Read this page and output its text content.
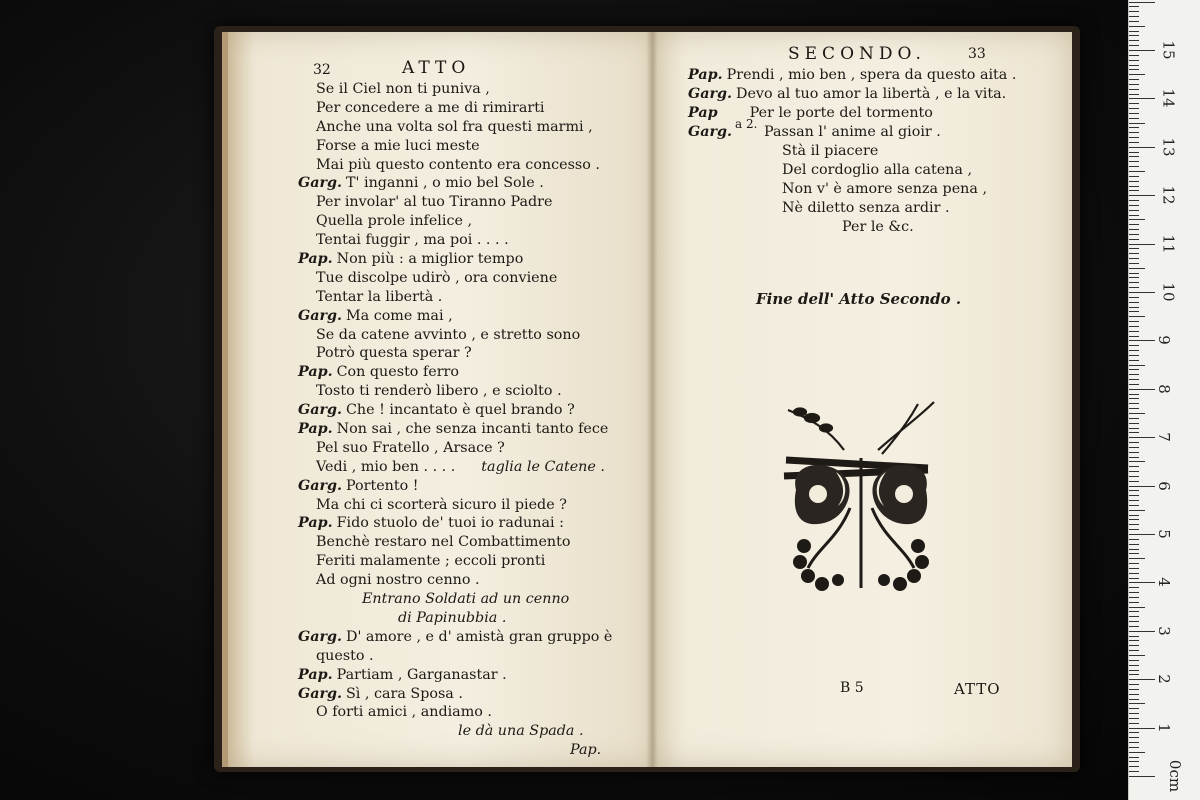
32	ATTO
Se il Ciel non ti puniva ,
Per concedere a me di rimirarti
Anche una volta sol fra questi marmi ,
Forse a mie luci meste
Mai più questo contento era concesso .
Garg. T' inganni , o mio bel Sole .
Per involar' al tuo Tiranno Padre
Quella prole infelice ,
Tentai fuggir , ma poi . . . .
Pap. Non più : a miglior tempo
Tue discolpe udirò , ora conviene
Tentar la libertà .
Garg. Ma come mai ,
Se da catene avvinto , e stretto sono
Potrò questa sperar ?
Pap. Con questo ferro
Tosto ti renderò libero , e sciolto .
Garg. Che ! incantato è quel brando ?
Pap. Non sai , che senza incanti tanto fece
Pel suo Fratello , Arsace ?
Vedi , mio ben . . . . taglia le Catene .
Garg. Portento !
Ma chi ci scorterà sicuro il piede ?
Pap. Fido stuolo de' tuoi io radunai :
Benchè restaro nel Combattimento
Feriti malamente ; eccoli pronti
Ad ogni nostro cenno .
Entrano Soldati ad un cenno
di Papinubbia .
Garg. D' amore , e d' amistà gran gruppo è
questo .
Pap. Partiam , Garganastar .
Garg. Sì , cara Sposa .
O forti amici , andiamo .
le dà una Spada .
Pap.
SECONDO.	33
Pap. Prendi , mio ben , spera da questo aita .
Garg. Devo al tuo amor la libertà , e la vita.
Pap Per le porte del tormento
Garg. Passan l' anime al gioir .
Stà il piacere
Del cordoglio alla catena ,
Non v' è amore senza pena ,
Nè diletto senza ardir .
Per le &c.
a 2.
Fine dell' Atto Secondo .
B 5	ATTO
0cm
1
2
3
4
5
6
7
8
9
10
11
12
13
14
15
